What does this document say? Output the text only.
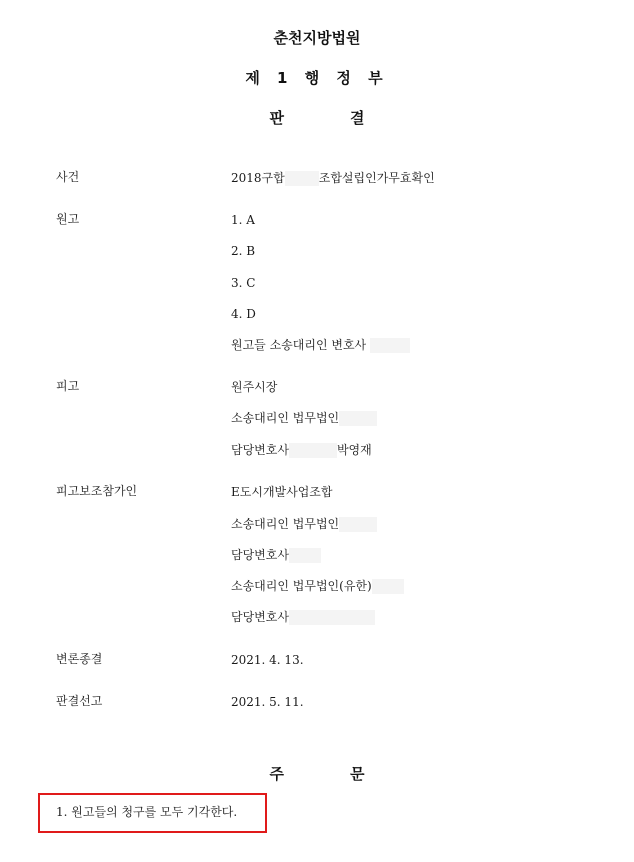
춘천지방법원
제 1 행 정 부
판	결
사건	2018구합	조합설립인가무효확인
원고	1. A
2. B
3. C
4. D
원고들 소송대리인 변호사
피고	원주시장
소송대리인 법무법인
담당변호사	박영재
피고보조참가인	E도시개발사업조합
소송대리인 법무법인
담당변호사
소송대리인 법무법인(유한)
담당변호사
변론종결	2021. 4. 13.
판결선고	2021. 5. 11.
주	문
1. 원고들의 청구를 모두 기각한다.
